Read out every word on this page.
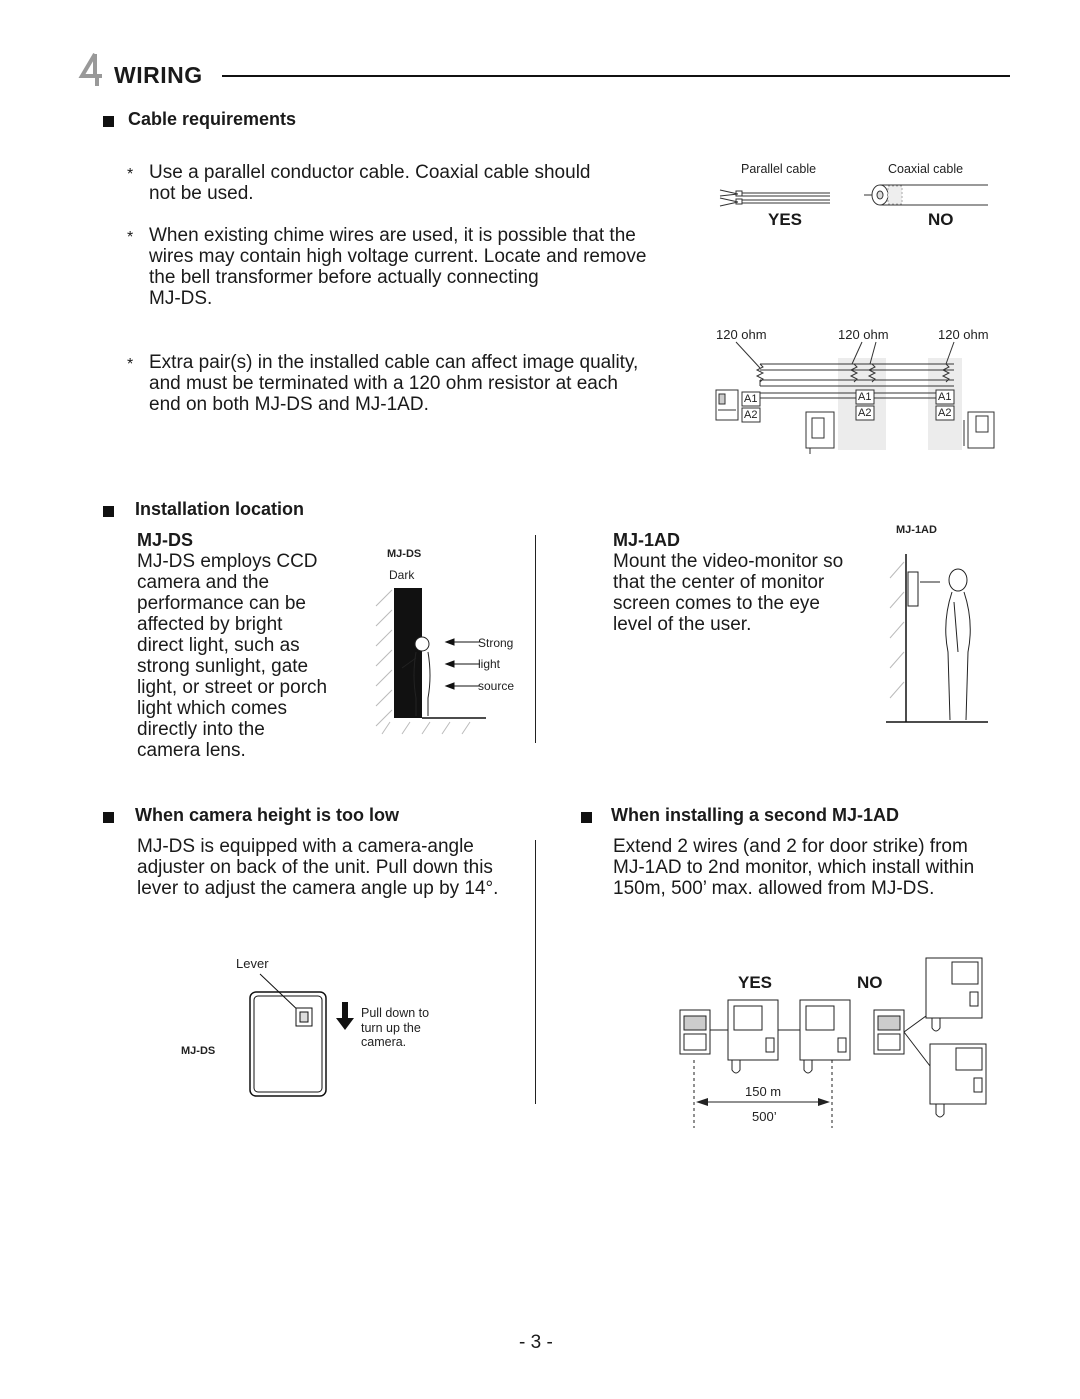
WIRING
Cable requirements
* Use a parallel conductor cable. Coaxial cable should
not be used.
* When existing chime wires are used, it is possible that the
wires may contain high voltage current. Locate and remove
the bell transformer before actually connecting
MJ-DS.
* Extra pair(s) in the installed cable can affect image quality,
and must be terminated with a 120 ohm resistor at each
end on both MJ-DS and MJ-1AD.
Parallel cable	Coaxial cable
YES	NO
120 ohm	120 ohm	120 ohm
A1
A2
A1
A2
A1
A2
Installation location
MJ-DS
MJ-DS employs CCD
camera and the
performance can be
affected by bright
direct light, such as
strong sunlight, gate
light, or street or porch
light which comes
directly into the
camera lens.
MJ-DS
Dark
Strong
light
source
MJ-1AD
Mount the video-monitor so
that the center of monitor
screen comes to the eye
level of the user.
MJ-1AD
When camera height is too low
MJ-DS is equipped with a camera-angle
adjuster on back of the unit. Pull down this
lever to adjust the camera angle up by 14°.
Lever
MJ-DS
Pull down to
turn up the
camera.
When installing a second MJ-1AD
Extend 2 wires (and 2 for door strike) from
MJ-1AD to 2nd monitor, which install within
150m, 500’ max. allowed from MJ-DS.
YES	NO
150 m
500’
- 3 -
